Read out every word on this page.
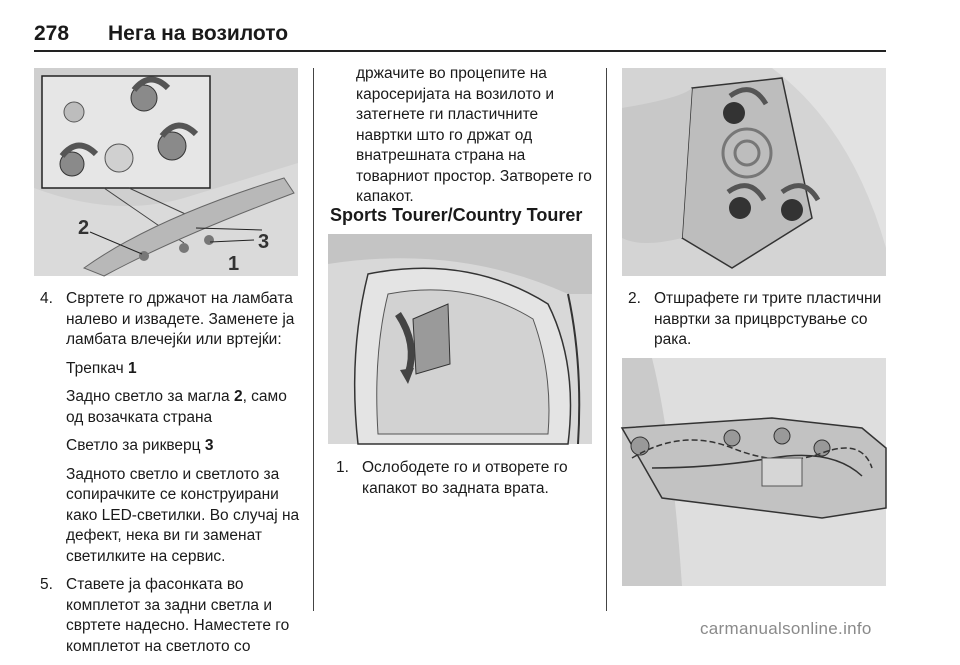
278 Нега на возилото
2
3
1
4. Свртете го држачот на ламбата налево и извадете. Заменете ја ламбата влечејќи или вртејќи:
Трепкач 1
Задно светло за магла 2, само од возачката страна
Светло за рикверц 3
Задното светло и светлото за сопирачките се конструирани како LED-светилки. Во случај на дефект, нека ви ги заменат светилките на сервис.
5. Ставете ја фасонката во комплетот за задни светла и свртете надесно. Наместете го комплетот на светлото со
држачите во процепите на каросеријата на возилото и затегнете ги пластичните навртки што го држат од внатрешната страна на товарниот простор. Затворете го капакот.
Sports Tourer/Country Tourer
1. Ослободете го и отворете го капакот во задната врата.
2. Отшрафете ги трите пластични навртки за прицврстување со рака.
carmanualsonline.info
